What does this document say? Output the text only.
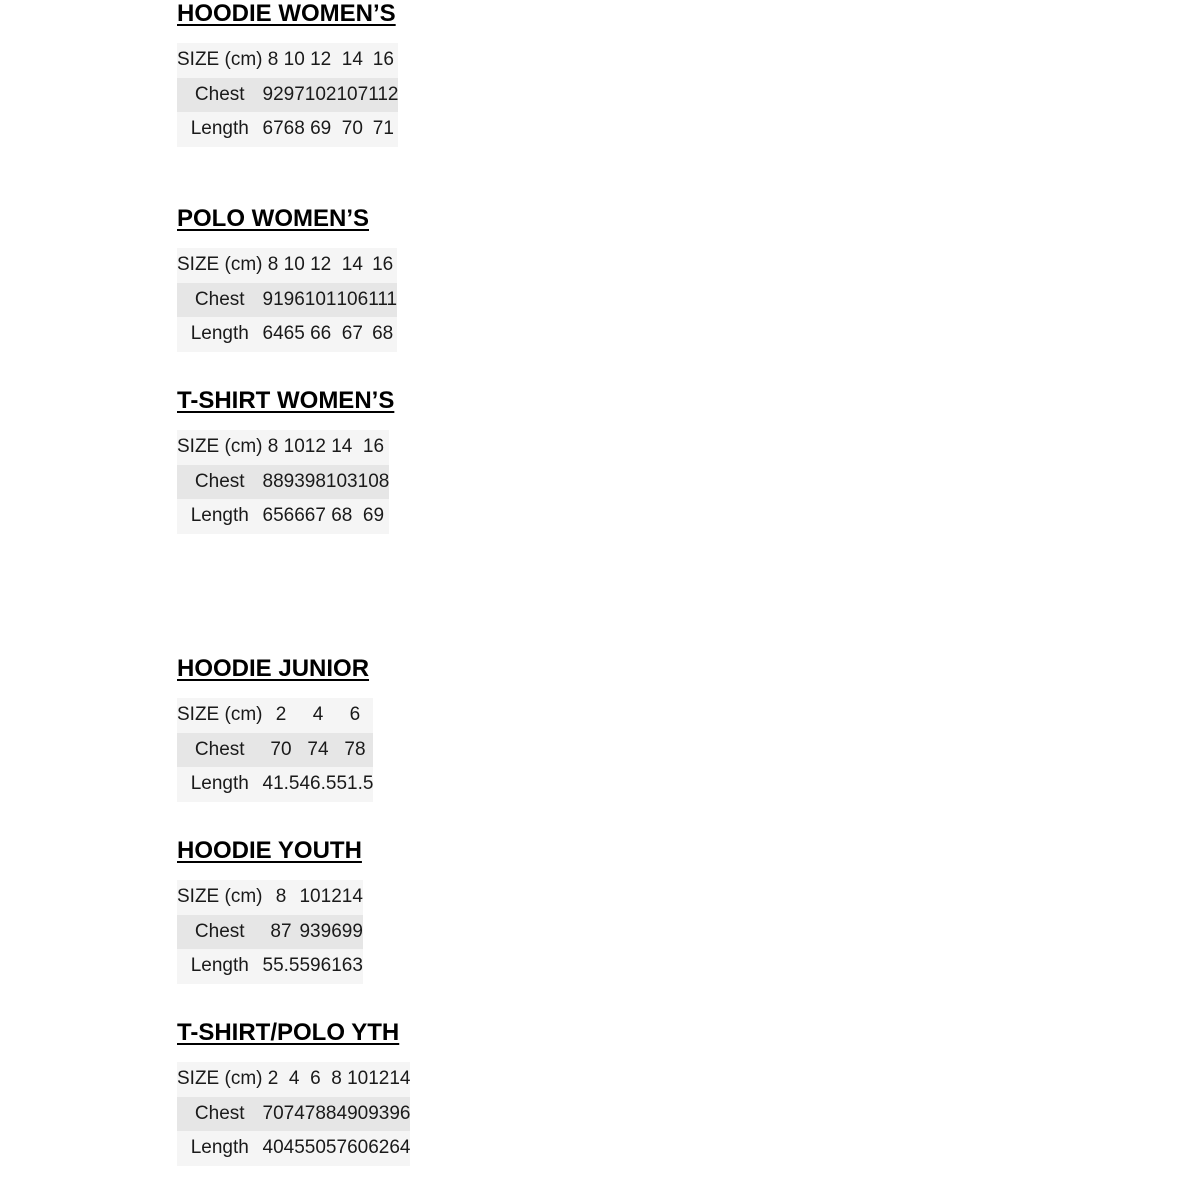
HOODIE WOMEN’S
SIZE (cm)	8	10	12	14	16
Chest	92	97	102	107	112
Length	67	68	69	70	71
POLO WOMEN’S
SIZE (cm)	8	10	12	14	16
Chest	91	96	101	106	111
Length	64	65	66	67	68
T-SHIRT WOMEN’S
SIZE (cm)	8	10	12	14	16
Chest	88	93	98	103	108
Length	65	66	67	68	69
HOODIE JUNIOR
SIZE (cm)	2	4	6
Chest	70	74	78
Length	41.5	46.5	51.5
HOODIE YOUTH
SIZE (cm)	8	10	12	14
Chest	87	93	96	99
Length	55.5	59	61	63
T-SHIRT/POLO YTH
SIZE (cm)	2	4	6	8	10	12	14
Chest	70	74	78	84	90	93	96
Length	40	45	50	57	60	62	64
